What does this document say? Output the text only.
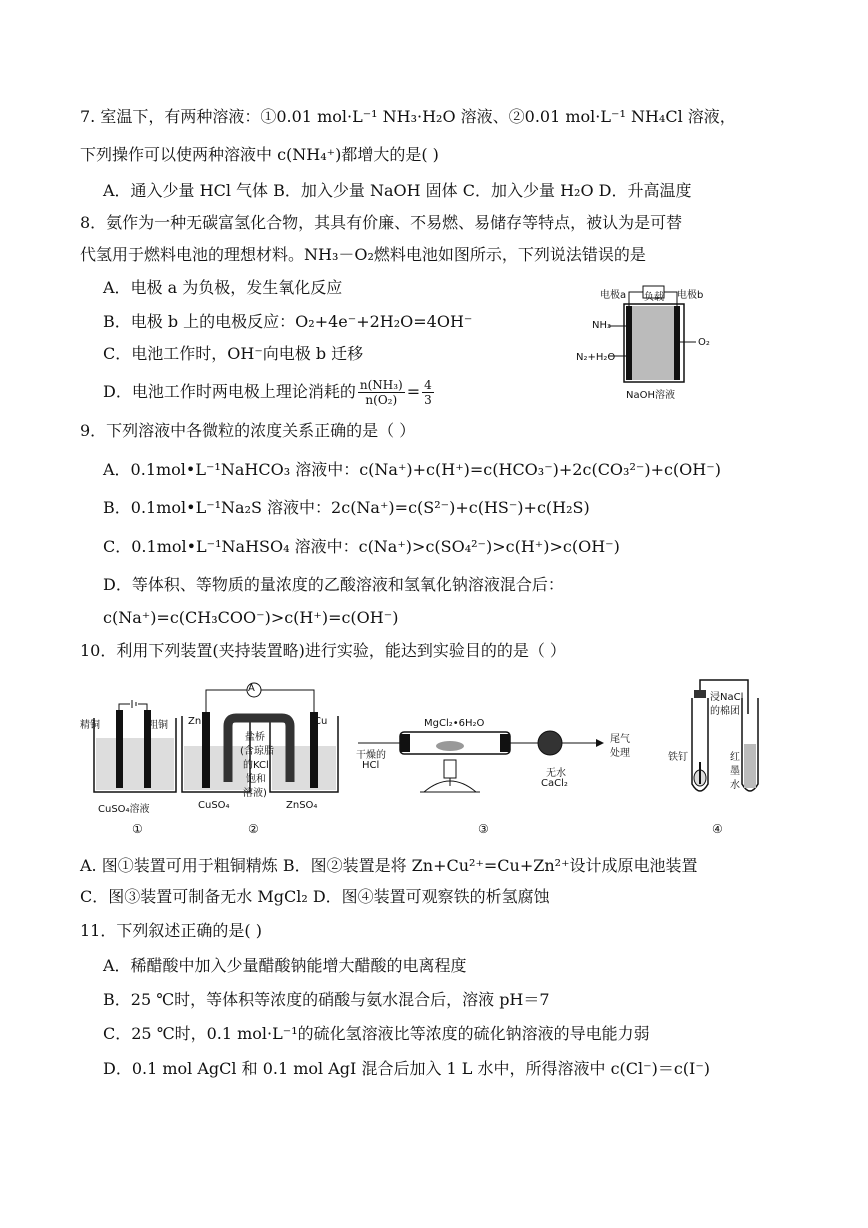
7. 室温下，有两种溶液：①0.01 mol·L⁻¹ NH₃·H₂O 溶液、②0.01 mol·L⁻¹ NH₄Cl 溶液，
下列操作可以使两种溶液中 c(NH₄⁺)都增大的是( )
A．通入少量 HCl 气体 B．加入少量 NaOH 固体 C．加入少量 H₂O D．升高温度
8．氨作为一种无碳富氢化合物，其具有价廉、不易燃、易储存等特点，被认为是可替
代氢用于燃料电池的理想材料。NH₃－O₂燃料电池如图所示，下列说法错误的是
A．电极 a 为负极，发生氧化反应
B．电极 b 上的电极反应：O₂+4e⁻+2H₂O=4OH⁻
C．电池工作时，OH⁻向电极 b 迁移
D．电池工作时两电极上理论消耗的 $\frac{\text{n(NH₃)}}{\text{n(O₂)}} = \frac{4}{3}$
电极a 负载 电极b
NH₃
O₂
N₂+H₂O
NaOH溶液
9．下列溶液中各微粒的浓度关系正确的是（ ）
A．0.1mol•L⁻¹NaHCO₃ 溶液中：c(Na⁺)+c(H⁺)=c(HCO₃⁻)+2c(CO₃²⁻)+c(OH⁻)
B．0.1mol•L⁻¹Na₂S 溶液中：2c(Na⁺)=c(S²⁻)+c(HS⁻)+c(H₂S)
C．0.1mol•L⁻¹NaHSO₄ 溶液中：c(Na⁺)>c(SO₄²⁻)>c(H⁺)>c(OH⁻)
D．等体积、等物质的量浓度的乙酸溶液和氢氧化钠溶液混合后：
c(Na⁺)=c(CH₃COO⁻)>c(H⁺)=c(OH⁻)
10．利用下列装置(夹持装置略)进行实验，能达到实验目的的是（ ）
精铜	粗铜
CuSO₄溶液
①
A
Zn	Cu
盐桥
(含琼脂
的KCl
饱和
溶液)
CuSO₄	ZnSO₄
②
MgCl₂•6H₂O
干燥的
HCl
尾气
处理
无水
CaCl₂
③
浸NaCl
的棉团
铁钉	红
墨
水
④
A. 图①装置可用于粗铜精炼 B．图②装置是将 Zn+Cu²⁺=Cu+Zn²⁺设计成原电池装置
C．图③装置可制备无水 MgCl₂ D．图④装置可观察铁的析氢腐蚀
11．下列叙述正确的是( )
A．稀醋酸中加入少量醋酸钠能增大醋酸的电离程度
B．25 ℃时，等体积等浓度的硝酸与氨水混合后，溶液 pH＝7
C．25 ℃时，0.1 mol·L⁻¹的硫化氢溶液比等浓度的硫化钠溶液的导电能力弱
D．0.1 mol AgCl 和 0.1 mol AgI 混合后加入 1 L 水中，所得溶液中 c(Cl⁻)＝c(I⁻)
